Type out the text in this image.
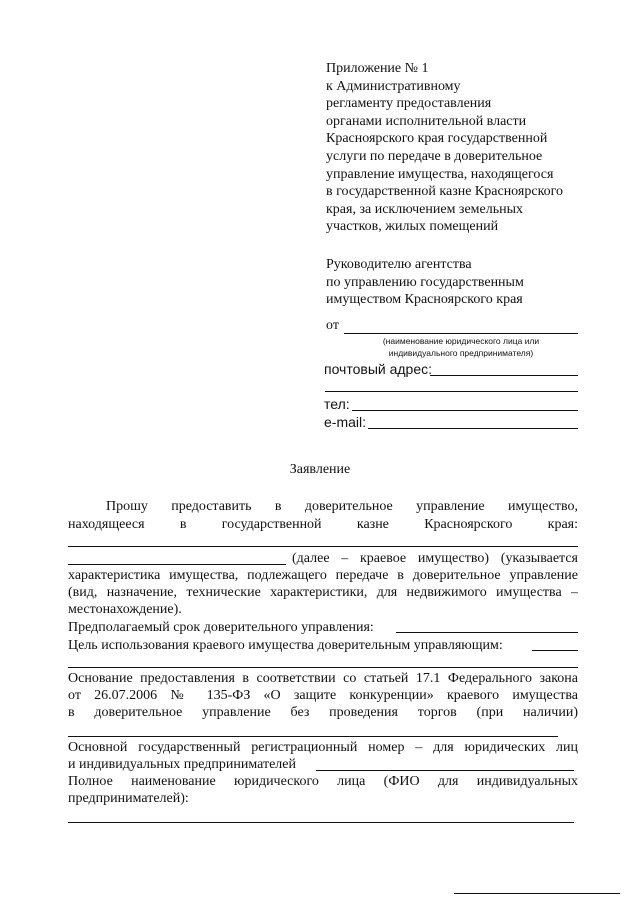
Приложение № 1
к Административному
регламенту предоставления
органами исполнительной власти
Красноярского края государственной
услуги по передаче в доверительное
управление имущества, находящегося
в государственной казне Красноярского
края, за исключением земельных
участков, жилых помещений
Руководителю агентства
по управлению государственным
имуществом Красноярского края
от
(наименование юридического лица или
индивидуального предпринимателя)
почтовый адрес:
тел:
e-mail:
Заявление
Прошу предоставить в доверительное управление имущество,
находящееся в государственной казне Красноярского края:
(далее – краевое имущество) (указывается
характеристика имущества, подлежащего передаче в доверительное управление
(вид, назначение, технические характеристики, для недвижимого имущества –
местонахождение).
Предполагаемый срок доверительного управления:
Цель использования краевого имущества доверительным управляющим:
Основание предоставления в соответствии со статьей 17.1 Федерального закона
от 26.07.2006 № 135-ФЗ «О защите конкуренции» краевого имущества
в доверительное управление без проведения торгов (при наличии)
Основной государственный регистрационный номер – для юридических лиц
и индивидуальных предпринимателей
Полное наименование юридического лица (ФИО для индивидуальных
предпринимателей):
